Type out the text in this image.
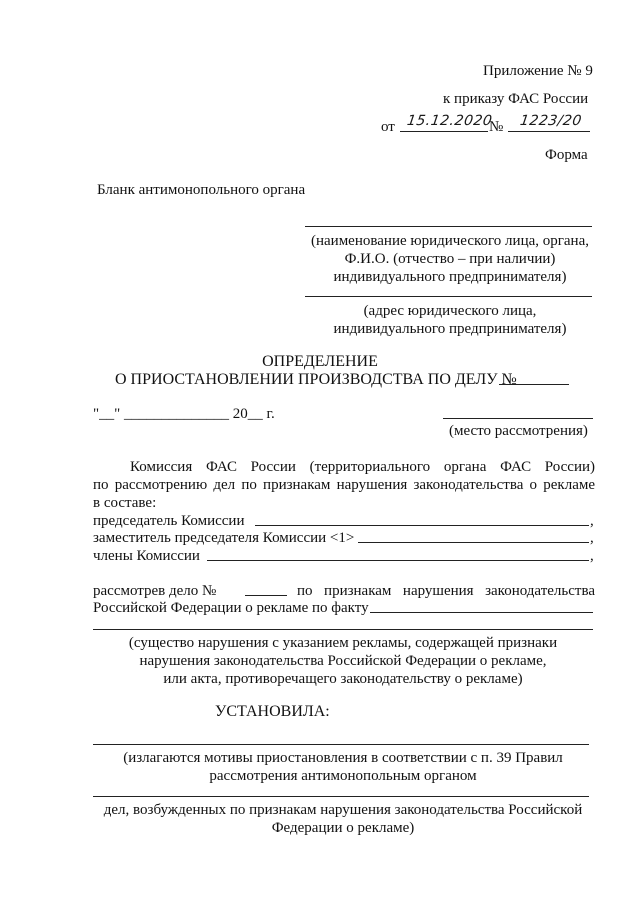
Приложение № 9
к приказу ФАС России
от 15.12.2020
№ 1223/20
Форма
Бланк антимонопольного органа
(наименование юридического лица, органа,
Ф.И.О. (отчество – при наличии)
индивидуального предпринимателя)
(адрес юридического лица,
индивидуального предпринимателя)
ОПРЕДЕЛЕНИЕ
О ПРИОСТАНОВЛЕНИИ ПРОИЗВОДСТВА ПО ДЕЛУ №
"__" ______________ 20__ г.
(место рассмотрения)
Комиссия ФАС России (территориального органа ФАС России)
по рассмотрению дел по признакам нарушения законодательства о рекламе
в составе:
председатель Комиссии	,
заместитель председателя Комиссии <1>	,
члены Комиссии	,
рассмотрев дело №	по признакам нарушения законодательства
Российской Федерации о рекламе по факту
(существо нарушения с указанием рекламы, содержащей признаки
нарушения законодательства Российской Федерации о рекламе,
или акта, противоречащего законодательству о рекламе)
УСТАНОВИЛА:
(излагаются мотивы приостановления в соответствии с п. 39 Правил
рассмотрения антимонопольным органом
дел, возбужденных по признакам нарушения законодательства Российской
Федерации о рекламе)
